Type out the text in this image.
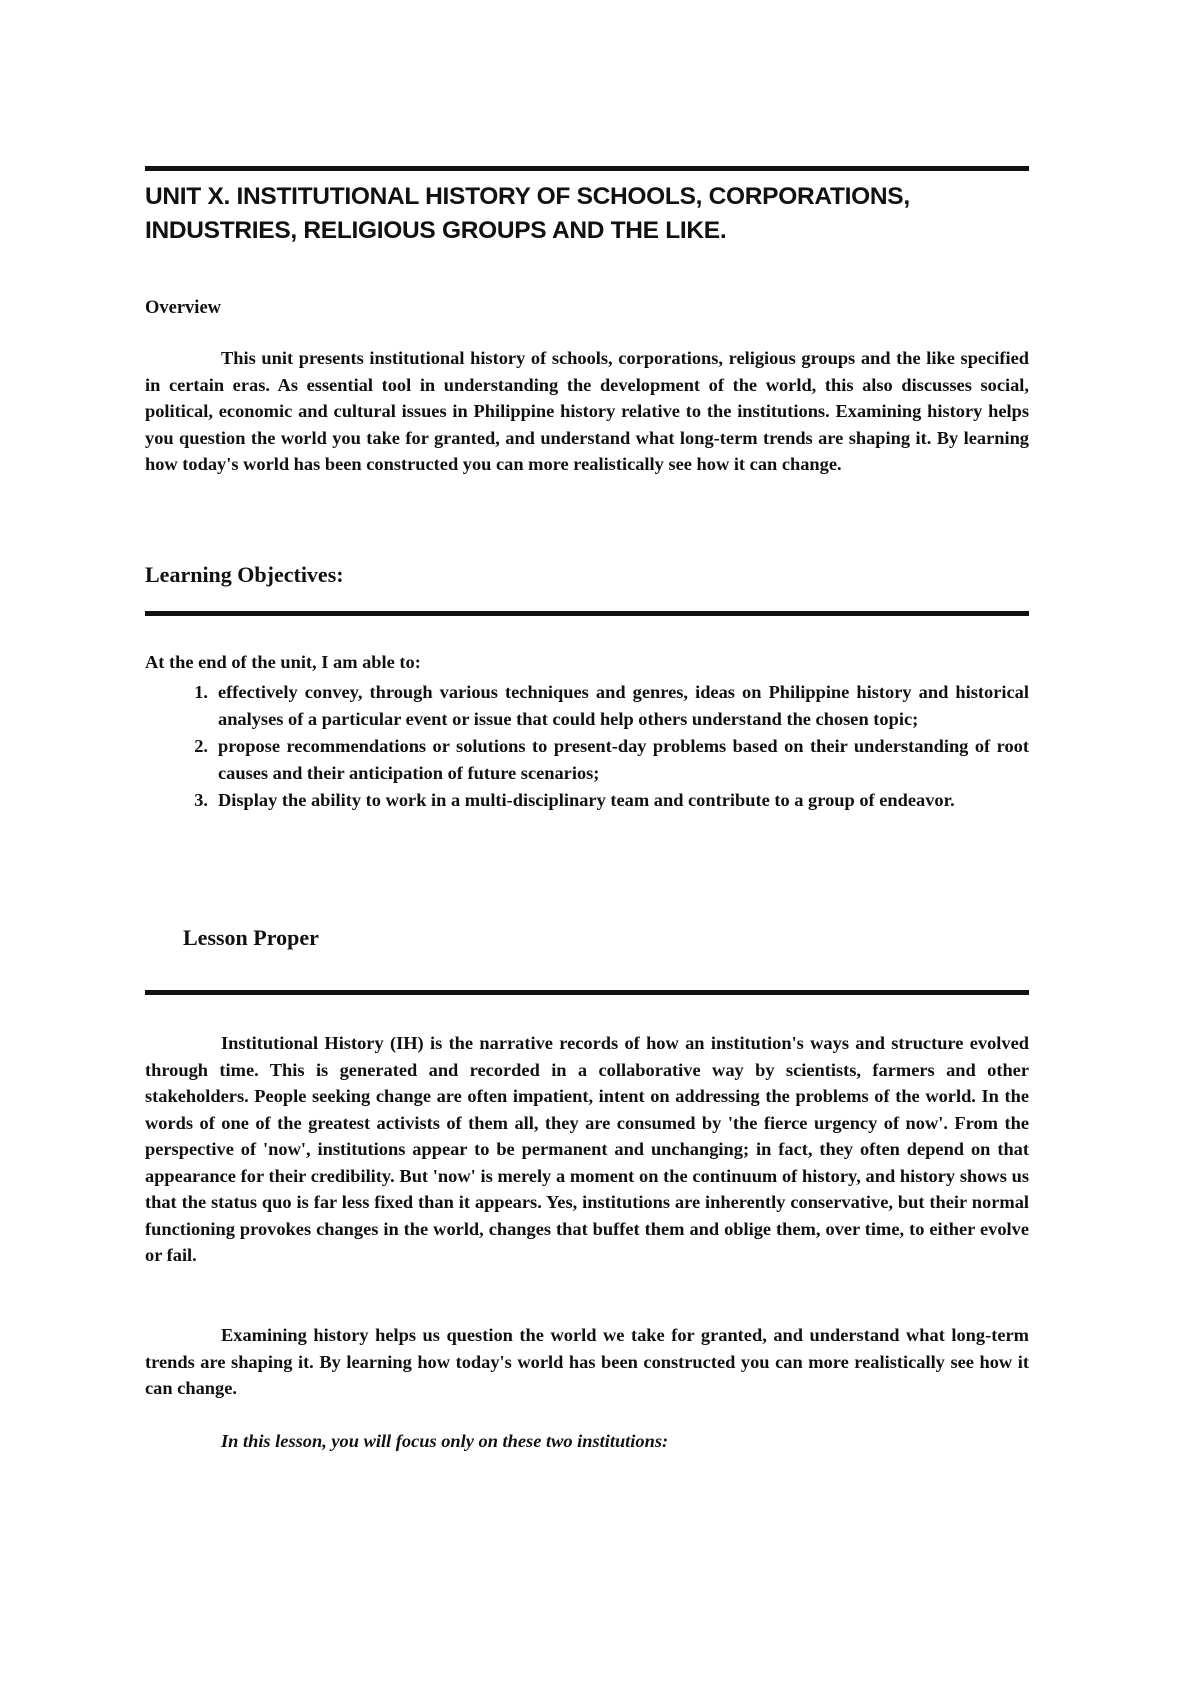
UNIT X. INSTITUTIONAL HISTORY OF SCHOOLS, CORPORATIONS,
INDUSTRIES, RELIGIOUS GROUPS AND THE LIKE.

Overview

This unit presents institutional history of schools, corporations, religious groups and the like specified in certain eras. As essential tool in understanding the development of the world, this also discusses social, political, economic and cultural issues in Philippine history relative to the institutions. Examining history helps you question the world you take for granted, and understand what long-term trends are shaping it. By learning how today's world has been constructed you can more realistically see how it can change.

Learning Objectives:

At the end of the unit, I am able to:

1. effectively convey, through various techniques and genres, ideas on Philippine history and historical analyses of a particular event or issue that could help others understand the chosen topic;
2. propose recommendations or solutions to present-day problems based on their understanding of root causes and their anticipation of future scenarios;
3. Display the ability to work in a multi-disciplinary team and contribute to a group of endeavor.

Lesson Proper

Institutional History (IH) is the narrative records of how an institution's ways and structure evolved through time. This is generated and recorded in a collaborative way by scientists, farmers and other stakeholders. People seeking change are often impatient, intent on addressing the problems of the world. In the words of one of the greatest activists of them all, they are consumed by 'the fierce urgency of now'. From the perspective of 'now', institutions appear to be permanent and unchanging; in fact, they often depend on that appearance for their credibility. But 'now' is merely a moment on the continuum of history, and history shows us that the status quo is far less fixed than it appears. Yes, institutions are inherently conservative, but their normal functioning provokes changes in the world, changes that buffet them and oblige them, over time, to either evolve or fail.

Examining history helps us question the world we take for granted, and understand what long-term trends are shaping it. By learning how today's world has been constructed you can more realistically see how it can change.

In this lesson, you will focus only on these two institutions:
